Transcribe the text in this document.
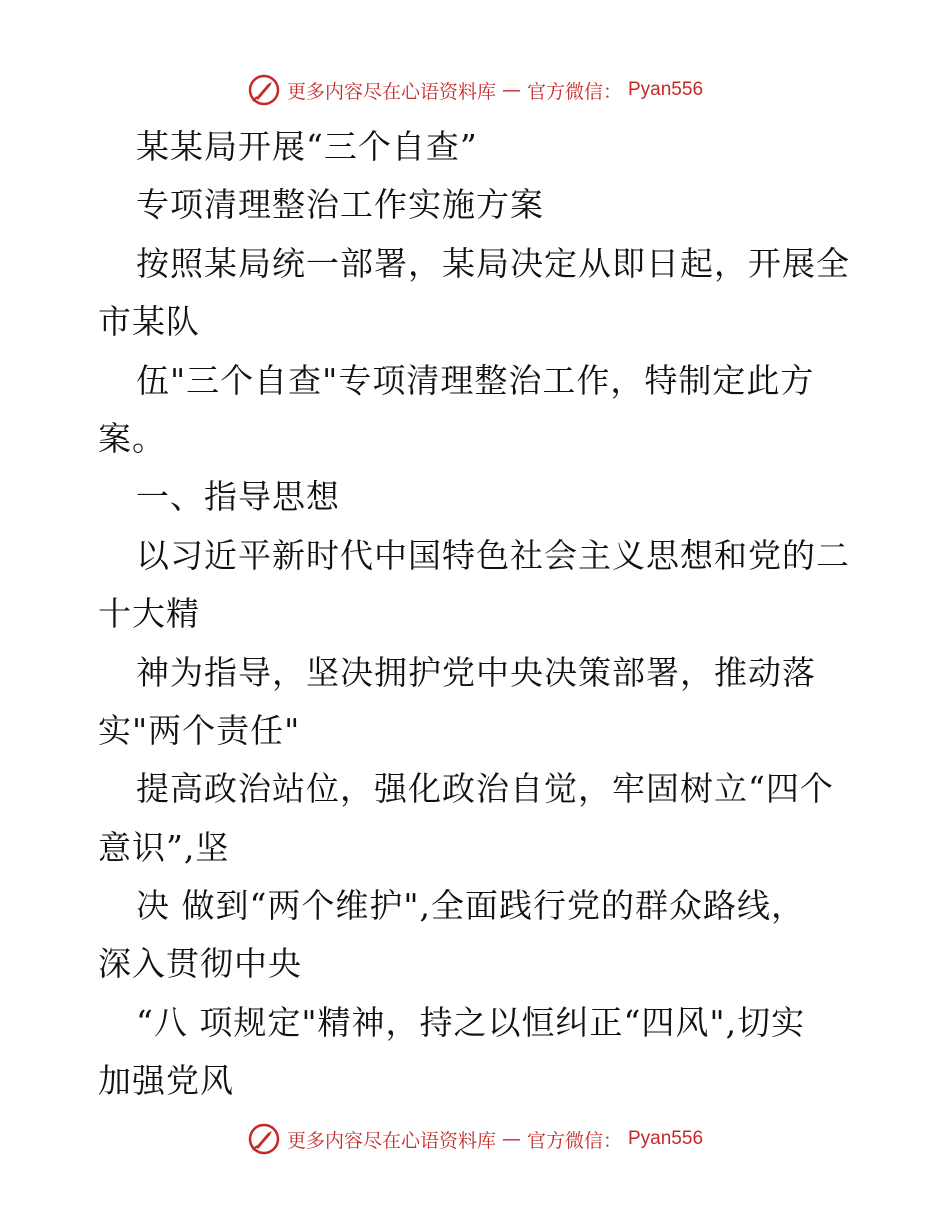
更多内容尽在心语资料库 — 官方微信： Pyan556
某某局开展“三个自查”
专项清理整治工作实施方案
按照某局统一部署，某局决定从即日起，开展全
市某队
伍"三个自查"专项清理整治工作，特制定此方
案。
一、指导思想
以习近平新时代中国特色社会主义思想和党的二
十大精
神为指导，坚决拥护党中央决策部署，推动落
实"两个责任"
提高政治站位，强化政治自觉，牢固树立“四个
意识”,坚
决 做到“两个维护",全面践行党的群众路线，
深入贯彻中央
“八 项规定"精神，持之以恒纠正“四风",切实
加强党风
更多内容尽在心语资料库 — 官方微信： Pyan556
